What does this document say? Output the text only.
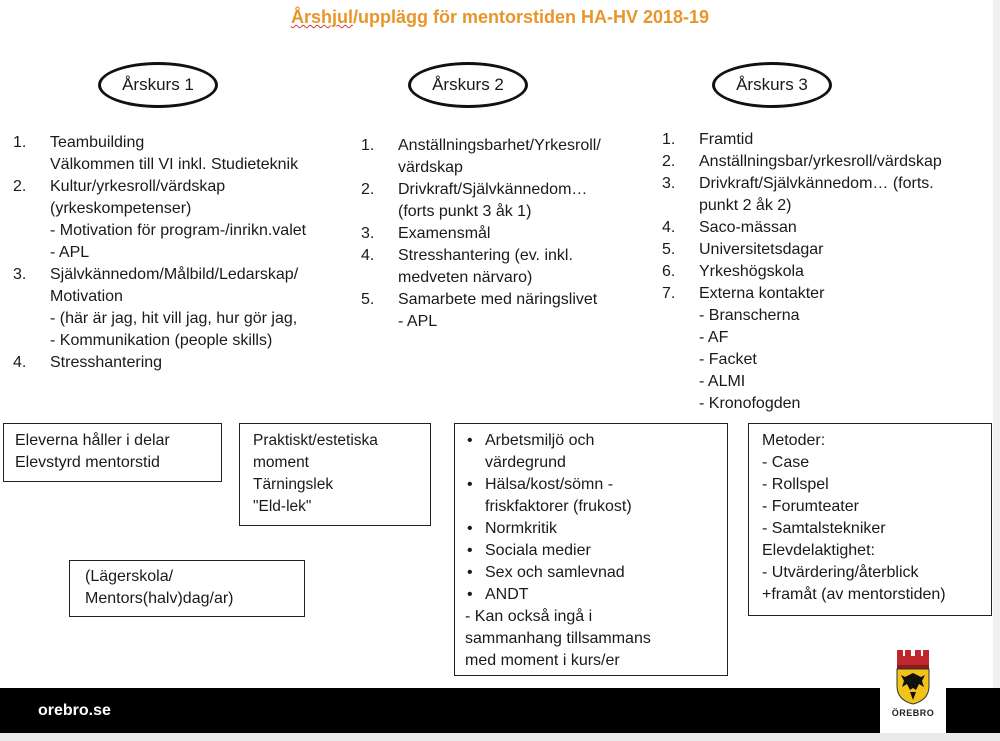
Årshjul/upplägg för mentorstiden HA-HV 2018-19
Årskurs 1	Årskurs 2	Årskurs 3
1. Teambuilding
Välkommen till VI inkl. Studieteknik
2. Kultur/yrkesroll/värdskap
(yrkeskompetenser)
- Motivation för program-/inrikn.valet
- APL
3. Självkännedom/Målbild/Ledarskap/
Motivation
- (här är jag, hit vill jag, hur gör jag,
- Kommunikation (people skills)
4. Stresshantering
1. Anställningsbarhet/Yrkesroll/
värdskap
2. Drivkraft/Självkännedom…
(forts punkt 3 åk 1)
3. Examensmål
4. Stresshantering (ev. inkl.
medveten närvaro)
5. Samarbete med näringslivet
- APL
1. Framtid
2. Anställningsbar/yrkesroll/värdskap
3. Drivkraft/Självkännedom… (forts.
punkt 2 åk 2)
4. Saco-mässan
5. Universitetsdagar
6. Yrkeshögskola
7. Externa kontakter
- Branscherna
- AF
- Facket
- ALMI
- Kronofogden
Eleverna håller i delar
Elevstyrd mentorstid
Praktiskt/estetiska
moment
Tärningslek
"Eld-lek"
• Arbetsmiljö och
värdegrund
• Hälsa/kost/sömn -
friskfaktorer (frukost)
• Normkritik
• Sociala medier
• Sex och samlevnad
• ANDT
- Kan också ingå i
sammanhang tillsammans
med moment i kurs/er
Metoder:
- Case
- Rollspel
- Forumteater
- Samtalstekniker
Elevdelaktighet:
- Utvärdering/återblick
+framåt (av mentorstiden)
(Lägerskola/
Mentors(halv)dag/ar)
orebro.se	ÖREBRO
